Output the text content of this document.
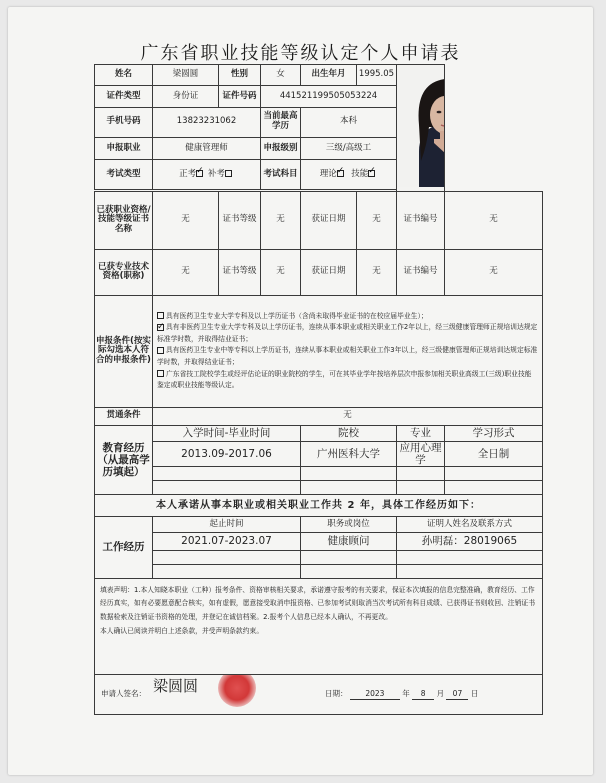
广东省职业技能等级认定个人申请表
姓名	梁圆圆	性别	女	出生年月	1995.05	
证件类型	身份证	证件号码	441521199505053224				
手机号码	13823231062		当前最高学历	本科			
申报职业	健康管理师		申报级别	三级/高级工			
考试类型	正考 ✓ 补考		考试科目	理论 ✓ 技能✓

已获职业资格/技能等级证书名称	无	证书等级	无	获证日期	无	证书编号	无
已获专业技术资格(职称)	无	证书等级	无	获证日期	无	证书编号	无
申报条件(按实际勾选本人符合的申报条件)	具有医药卫生专业大学专科及以上学历证书（含尚未取得毕业证书的在校应届毕业生）；
✓具有非医药卫生专业大学专科及以上学历证书，连续从事本职业或相关职业工作2年以上，经三级健康管理师正规培训达规定标准学时数，并取得结业证书；
具有医药卫生专业中等专科以上学历证书，连续从事本职业或相关职业工作3年以上，经三级健康管理师正规培训达规定标准学时数，并取得结业证书；
广东省技工院校学生或经评估论证的职业院校的学生，可在其毕业学年按培养层次申报参加相关职业高级工(三级)职业技能鉴定或职业技能等级认定。

贯通条件	无						
教育经历（从最高学历填起）	入学时间-毕业时间			院校		专业	学习形式
	2013.09-2017.06			广州医科大学		应用心理学	全日制

本人承诺从事本职业或相关职业工作共 2 年，具体工作经历如下：							
工作经历	起止时间			职务或岗位		证明人姓名及联系方式	
	2021.07-2023.07			健康顾问		孙明磊：28019065	

填表声明：1.本人知晓本职业（工种）报考条件、资格审核相关要求，承诺遵守报考的有关要求，保证本次填报的信息完整准确，教育经历、工作经历真实，如有必要愿意配合核实，如有虚假，愿意接受取消申报资格、已参加考试则取消当次考试所有科目成绩、已获得证书则收回、注销证书数据检索及注销证书资格的处理，并登记在诚信档案。2.报考个人信息已经本人确认，不再更改。
本人确认已阅读并明白上述条款，并受声明条款约束。							

申请人签名： 梁圆圆 日期： 2023 年 8 月 07 日							
